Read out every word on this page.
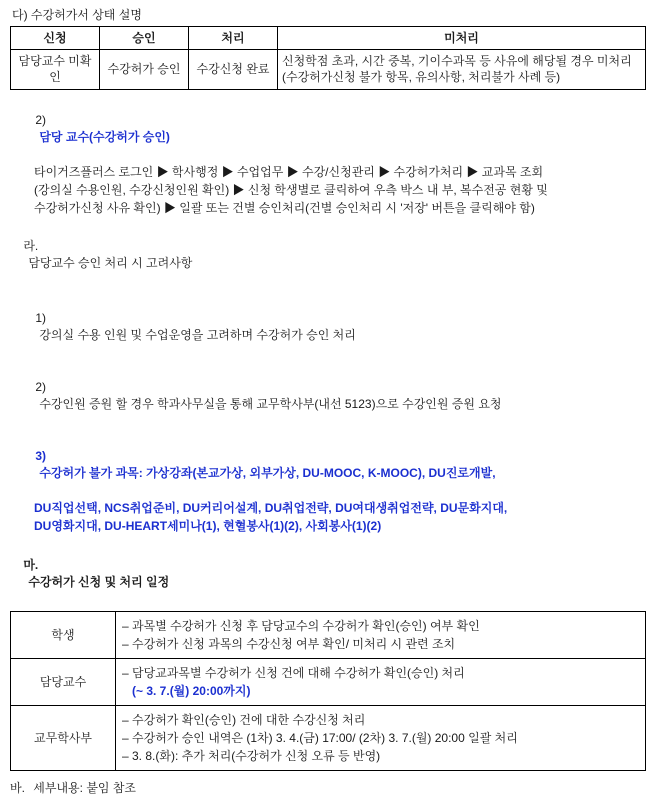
다) 수강허가서 상태 설명
신청	승인	처리	미처리
담당교수 미확인	수강허가 승인	수강신청 완료	신청학점 초과, 시간 중복, 기이수과목 등 사유에 해당될 경우 미처리(수강허가신청 불가 항목, 유의사항, 처리불가 사례 등)

2)
담당 교수(수강허가 승인)

타이거즈플러스 로그인 ▶ 학사행정 ▶ 수업업무 ▶ 수강/신청관리 ▶ 수강허가처리 ▶ 교과목 조회
(강의실 수용인원, 수강신청인원 확인) ▶ 신청 학생별로 클릭하여 우측 박스 내 부, 복수전공 현황 및
수강허가신청 사유 확인) ▶ 일괄 또는 건별 승인처리(건별 승인처리 시 '저장' 버튼을 클릭해야 함)

라.
담당교수 승인 처리 시 고려사항

1)
강의실 수용 인원 및 수업운영을 고려하며 수강허가 승인 처리

2)
수강인원 증원 할 경우 학과사무실을 통해 교무학사부(내선 5123)으로 수강인원 증원 요청

3)
수강허가 불가 과목: 가상강좌(본교가상, 외부가상, DU-MOOC, K-MOOC), DU진로개발,

DU직업선택, NCS취업준비, DU커리어설계, DU취업전략, DU여대생취업전략, DU문화지대,
DU영화지대, DU-HEART세미나(1), 현혈봉사(1)(2), 사회봉사(1)(2)

마.
수강허가 신청 및 처리 일정

학생	– 과목별 수강허가 신청 후 담당교수의 수강허가 확인(승인) 여부 확인
– 수강허가 신청 과목의 수강신청 여부 확인/ 미처리 시 관련 조치

담당교수	– 담당교과목별 수강허가 신청 건에 대해 수강허가 확인(승인) 처리
(~ 3. 7.(월) 20:00까지)

교무학사부	– 수강허가 확인(승인) 건에 대한 수강신청 처리
– 수강허가 승인 내역은 (1차) 3. 4.(금) 17:00/ (2차) 3. 7.(월) 20:00 일괄 처리
– 3. 8.(화): 추가 처리(수강허가 신청 오류 등 반영)
바. 세부내용: 붙임 참조
